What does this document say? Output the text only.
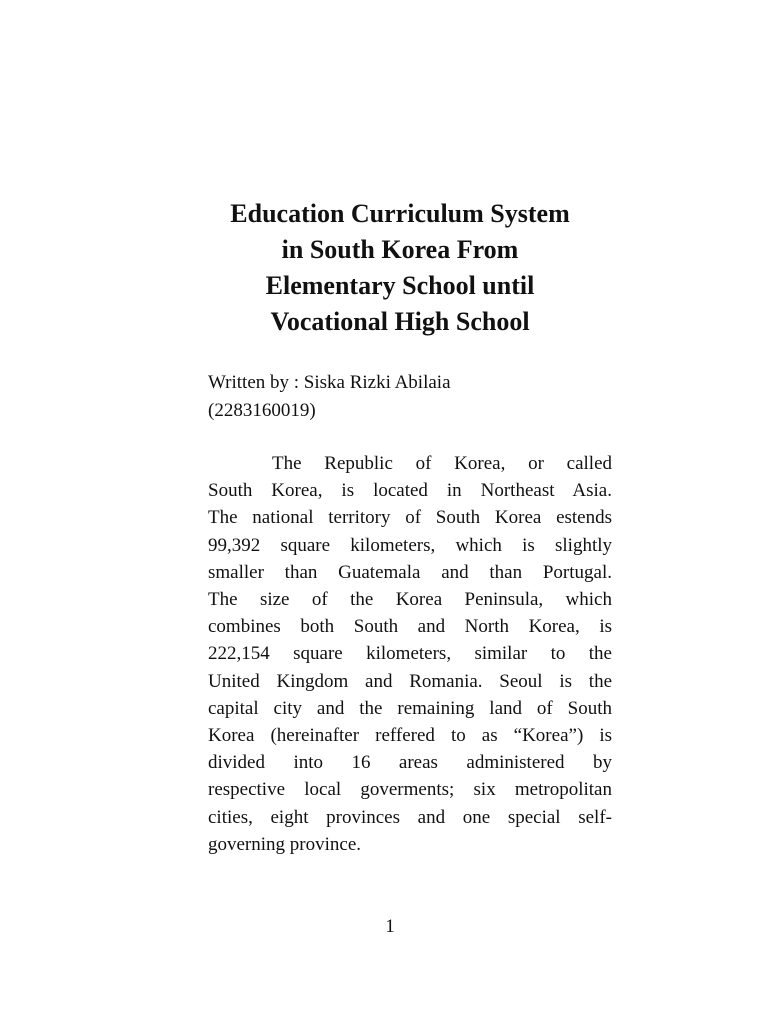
Education Curriculum System
in South Korea From
Elementary School until
Vocational High School
Written by : Siska Rizki Abilaia
(2283160019)
The Republic of Korea, or called
South Korea, is located in Northeast Asia.
The national territory of South Korea estends
99,392 square kilometers, which is slightly
smaller than Guatemala and than Portugal.
The size of the Korea Peninsula, which
combines both South and North Korea, is
222,154 square kilometers, similar to the
United Kingdom and Romania. Seoul is the
capital city and the remaining land of South
Korea (hereinafter reffered to as “Korea”) is
divided into 16 areas administered by
respective local goverments; six metropolitan
cities, eight provinces and one special self-
governing province.
1
